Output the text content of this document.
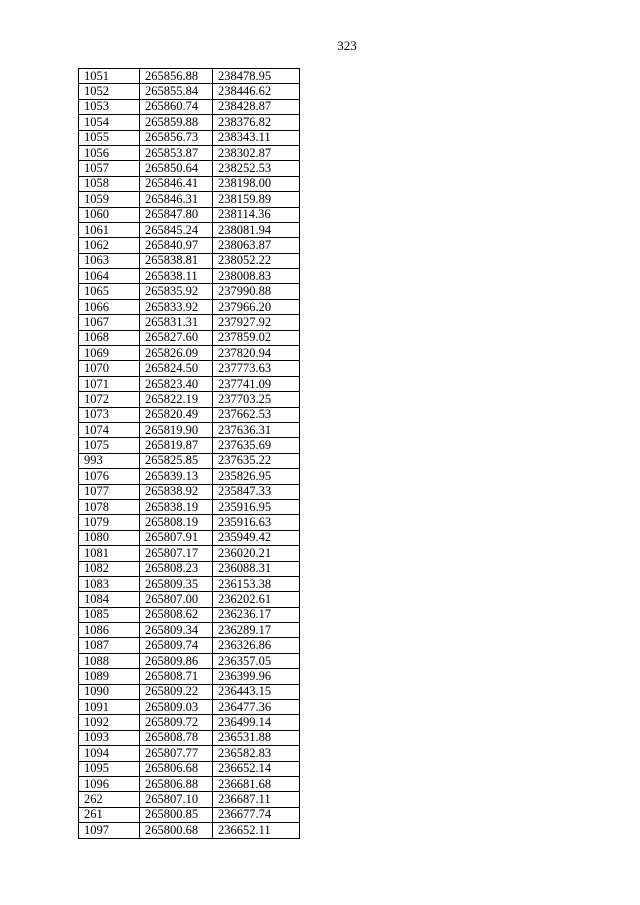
323
1051	265856.88	238478.95
1052	265855.84	238446.62
1053	265860.74	238428.87
1054	265859.88	238376.82
1055	265856.73	238343.11
1056	265853.87	238302.87
1057	265850.64	238252.53
1058	265846.41	238198.00
1059	265846.31	238159.89
1060	265847.80	238114.36
1061	265845.24	238081.94
1062	265840.97	238063.87
1063	265838.81	238052.22
1064	265838.11	238008.83
1065	265835.92	237990.88
1066	265833.92	237966.20
1067	265831.31	237927.92
1068	265827.60	237859.02
1069	265826.09	237820.94
1070	265824.50	237773.63
1071	265823.40	237741.09
1072	265822.19	237703.25
1073	265820.49	237662.53
1074	265819.90	237636.31
1075	265819.87	237635.69
993	265825.85	237635.22
1076	265839.13	235826.95
1077	265838.92	235847.33
1078	265838.19	235916.95
1079	265808.19	235916.63
1080	265807.91	235949.42
1081	265807.17	236020.21
1082	265808.23	236088.31
1083	265809.35	236153.38
1084	265807.00	236202.61
1085	265808.62	236236.17
1086	265809.34	236289.17
1087	265809.74	236326.86
1088	265809.86	236357.05
1089	265808.71	236399.96
1090	265809.22	236443.15
1091	265809.03	236477.36
1092	265809.72	236499.14
1093	265808.78	236531.88
1094	265807.77	236582.83
1095	265806.68	236652.14
1096	265806.88	236681.68
262	265807.10	236687.11
261	265800.85	236677.74
1097	265800.68	236652.11
